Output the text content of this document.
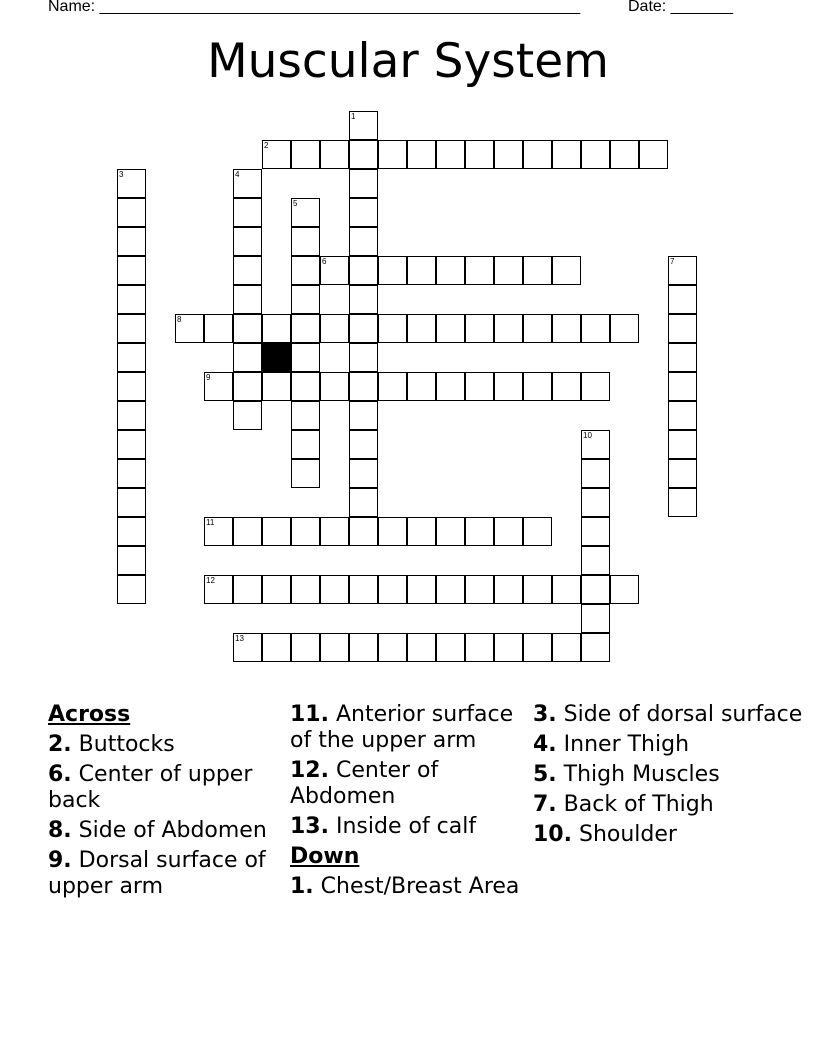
Name: ______________________________________________________	Date: _______
Muscular System
1
2
3	4
5
6	7
8
9
10
11
12
13
Across
2. Buttocks
6. Center of upper back
8. Side of Abdomen
9. Dorsal surface of upper arm
11. Anterior surface of the upper arm
12. Center of Abdomen
13. Inside of calf
Down
1. Chest/Breast Area
3. Side of dorsal surface
4. Inner Thigh
5. Thigh Muscles
7. Back of Thigh
10. Shoulder
